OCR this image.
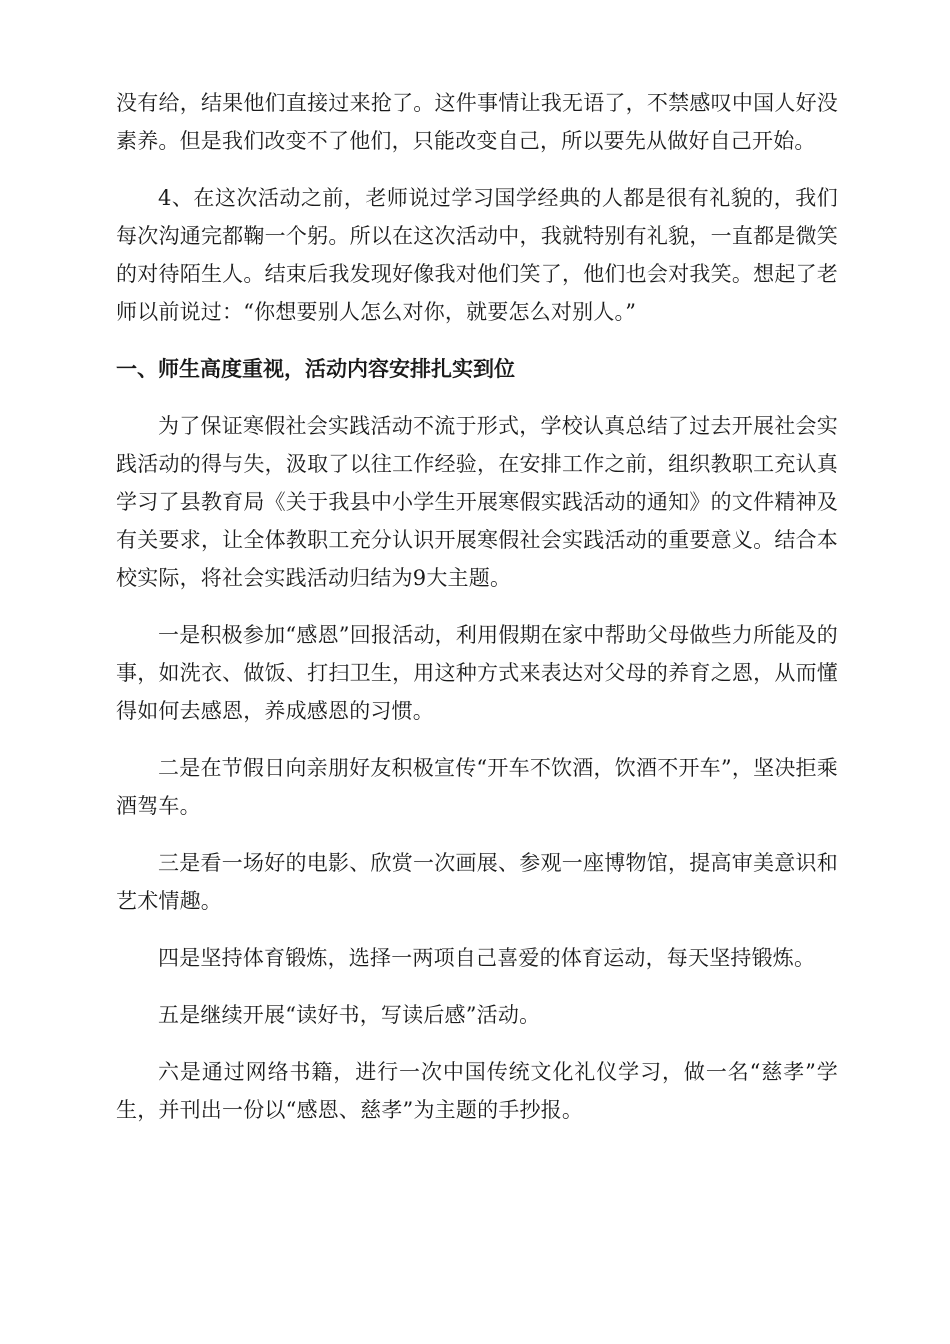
没有给，结果他们直接过来抢了。这件事情让我无语了，不禁感叹中国人好没素养。但是我们改变不了他们，只能改变自己，所以要先从做好自己开始。

4、在这次活动之前，老师说过学习国学经典的人都是很有礼貌的，我们每次沟通完都鞠一个躬。所以在这次活动中，我就特别有礼貌，一直都是微笑的对待陌生人。结束后我发现好像我对他们笑了，他们也会对我笑。想起了老师以前说过：“你想要别人怎么对你，就要怎么对别人。”

一、师生高度重视，活动内容安排扎实到位

为了保证寒假社会实践活动不流于形式，学校认真总结了过去开展社会实践活动的得与失，汲取了以往工作经验，在安排工作之前，组织教职工充认真学习了县教育局《关于我县中小学生开展寒假实践活动的通知》的文件精神及有关要求，让全体教职工充分认识开展寒假社会实践活动的重要意义。结合本校实际，将社会实践活动归结为9大主题。

一是积极参加“感恩”回报活动，利用假期在家中帮助父母做些力所能及的事，如洗衣、做饭、打扫卫生，用这种方式来表达对父母的养育之恩，从而懂得如何去感恩，养成感恩的习惯。

二是在节假日向亲朋好友积极宣传“开车不饮酒，饮酒不开车”，坚决拒乘酒驾车。

三是看一场好的电影、欣赏一次画展、参观一座博物馆，提高审美意识和艺术情趣。

四是坚持体育锻炼，选择一两项自己喜爱的体育运动，每天坚持锻炼。

五是继续开展“读好书，写读后感”活动。

六是通过网络书籍，进行一次中国传统文化礼仪学习，做一名“慈孝”学生，并刊出一份以“感恩、慈孝”为主题的手抄报。
